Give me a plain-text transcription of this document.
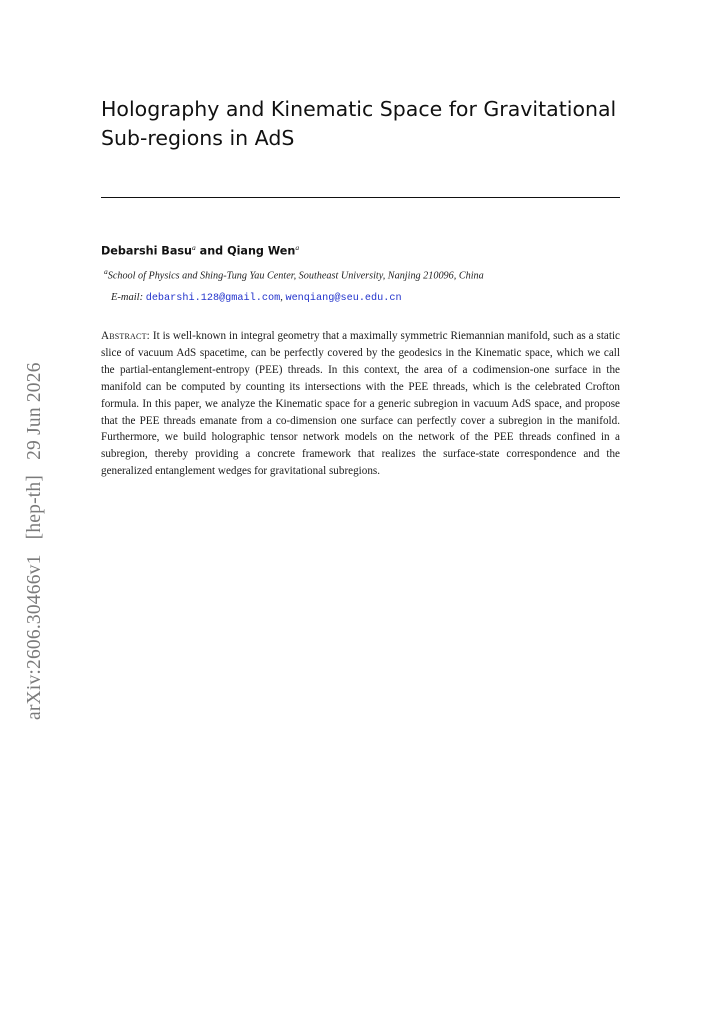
arXiv:2606.30466v1 [hep-th] 29 Jun 2026
Holography and Kinematic Space for Gravitational Sub-regions in AdS
Debarshi Basu$^a$ and Qiang Wen$^a$
$^a$School of Physics and Shing-Tung Yau Center, Southeast University, Nanjing 210096, China
E-mail: debarshi.128@gmail.com, wenqiang@seu.edu.cn

Abstract: It is well-known in integral geometry that a maximally symmetric Riemannian manifold, such as a static slice of vacuum AdS spacetime, can be perfectly covered by the geodesics in the Kinematic space, which we call the partial-entanglement-entropy (PEE) threads. In this context, the area of a codimension-one surface in the manifold can be computed by counting its intersections with the PEE threads, which is the celebrated Crofton formula. In this paper, we analyze the Kinematic space for a generic subregion in vacuum AdS space, and propose that the PEE threads emanate from a co-dimension one surface can perfectly cover a subregion in the manifold. Furthermore, we build holographic tensor network models on the network of the PEE threads confined in a subregion, thereby providing a concrete framework that realizes the surface-state correspondence and the generalized entanglement wedges for gravitational subregions.
